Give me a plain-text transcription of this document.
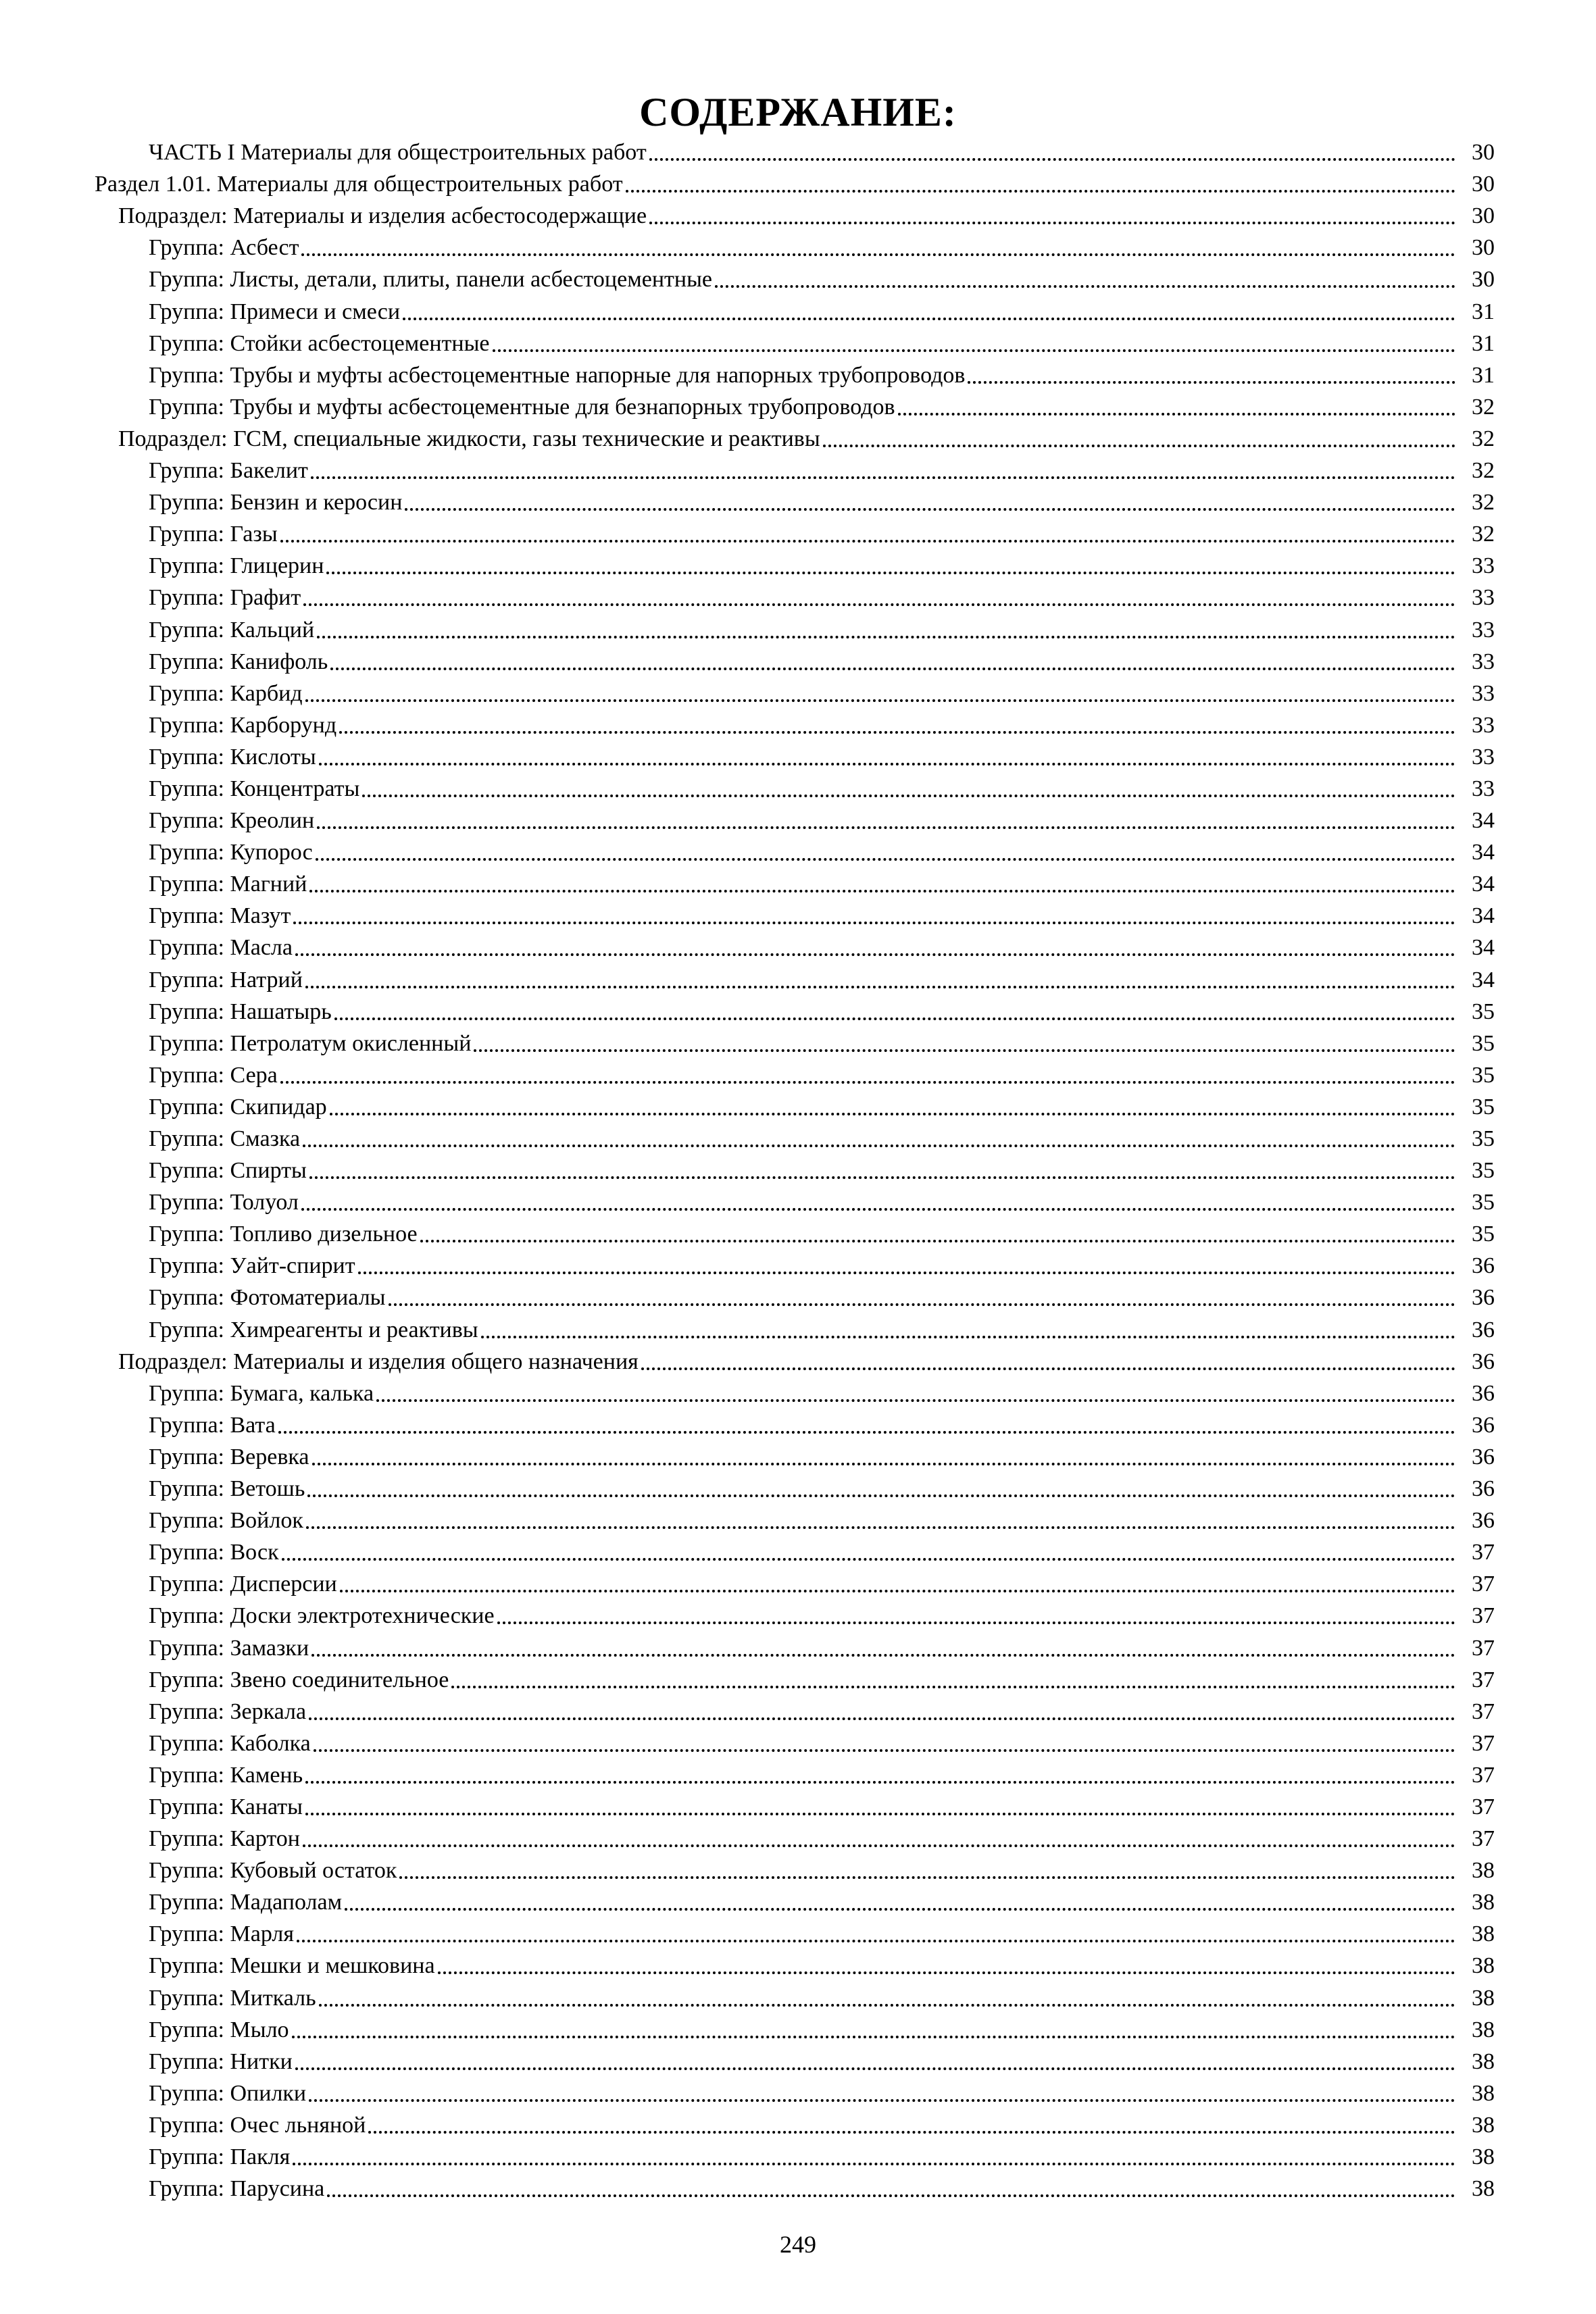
СОДЕРЖАНИЕ:
ЧАСТЬ I Материалы для общестроительных работ	30
Раздел 1.01. Материалы для общестроительных работ	30
Подраздел: Материалы и изделия асбестосодержащие	30
Группа: Асбест	30
Группа: Листы, детали, плиты, панели асбестоцементные	30
Группа: Примеси и смеси	31
Группа: Стойки асбестоцементные	31
Группа: Трубы и муфты асбестоцементные напорные для напорных трубопроводов	31
Группа: Трубы и муфты асбестоцементные для безнапорных трубопроводов	32
Подраздел: ГСМ, специальные жидкости, газы технические и реактивы	32
Группа: Бакелит	32
Группа: Бензин и керосин	32
Группа: Газы	32
Группа: Глицерин	33
Группа: Графит	33
Группа: Кальций	33
Группа: Канифоль	33
Группа: Карбид	33
Группа: Карборунд	33
Группа: Кислоты	33
Группа: Концентраты	33
Группа: Креолин	34
Группа: Купорос	34
Группа: Магний	34
Группа: Мазут	34
Группа: Масла	34
Группа: Натрий	34
Группа: Нашатырь	35
Группа: Петролатум окисленный	35
Группа: Сера	35
Группа: Скипидар	35
Группа: Смазка	35
Группа: Спирты	35
Группа: Толуол	35
Группа: Топливо дизельное	35
Группа: Уайт-спирит	36
Группа: Фотоматериалы	36
Группа: Химреагенты и реактивы	36
Подраздел: Материалы и изделия общего назначения	36
Группа: Бумага, калька	36
Группа: Вата	36
Группа: Веревка	36
Группа: Ветошь	36
Группа: Войлок	36
Группа: Воск	37
Группа: Дисперсии	37
Группа: Доски электротехнические	37
Группа: Замазки	37
Группа: Звено соединительное	37
Группа: Зеркала	37
Группа: Каболка	37
Группа: Камень	37
Группа: Канаты	37
Группа: Картон	37
Группа: Кубовый остаток	38
Группа: Мадаполам	38
Группа: Марля	38
Группа: Мешки и мешковина	38
Группа: Миткаль	38
Группа: Мыло	38
Группа: Нитки	38
Группа: Опилки	38
Группа: Очес льняной	38
Группа: Пакля	38
Группа: Парусина	38
249
